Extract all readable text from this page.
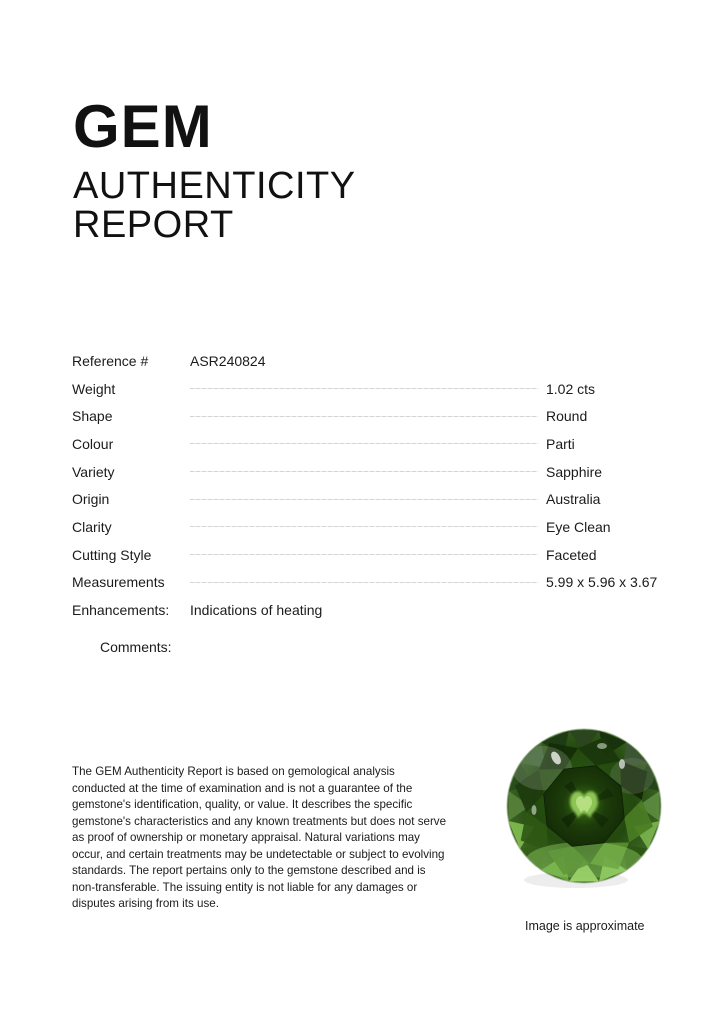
GEM
AUTHENTICITY REPORT
Reference #	ASR240824
Weight	1.02 cts
Shape	Round
Colour	Parti
Variety	Sapphire
Origin	Australia
Clarity	Eye Clean
Cutting Style	Faceted
Measurements	5.99 x 5.96 x 3.67
Enhancements:	Indications of heating
Comments:
The GEM Authenticity Report is based on gemological analysis conducted at the time of examination and is not a guarantee of the gemstone's identification, quality, or value. It describes the specific gemstone's characteristics and any known treatments but does not serve as proof of ownership or monetary appraisal. Natural variations may occur, and certain treatments may be undetectable or subject to evolving standards. The report pertains only to the gemstone described and is non-transferable. The issuing entity is not liable for any damages or disputes arising from its use.
Image is approximate
